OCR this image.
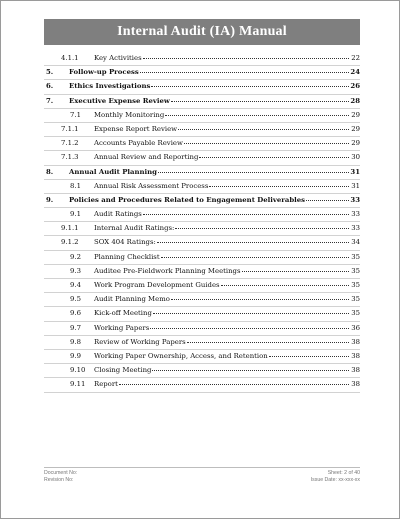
Internal Audit (IA) Manual
4.1.1 Key Activities	22
5. Follow-up Process	24
6. Ethics Investigations	26
7. Executive Expense Review	28
7.1 Monthly Monitoring	29
7.1.1 Expense Report Review	29
7.1.2 Accounts Payable Review	29
7.1.3 Annual Review and Reporting	30
8. Annual Audit Planning	31
8.1 Annual Risk Assessment Process	31
9. Policies and Procedures Related to Engagement Deliverables	33
9.1 Audit Ratings	33
9.1.1 Internal Audit Ratings:	33
9.1.2 SOX 404 Ratings:	34
9.2 Planning Checklist	35
9.3 Auditee Pre-Fieldwork Planning Meetings	35
9.4 Work Program Development Guides	35
9.5 Audit Planning Memo	35
9.6 Kick-off Meeting	35
9.7 Working Papers	36
9.8 Review of Working Papers	38
9.9 Working Paper Ownership, Access, and Retention	38
9.10 Closing Meeting	38
9.11 Report	38
Document No:	Sheet: 2 of 40
Revision No:	Issue Date: xx-xxx-xx
